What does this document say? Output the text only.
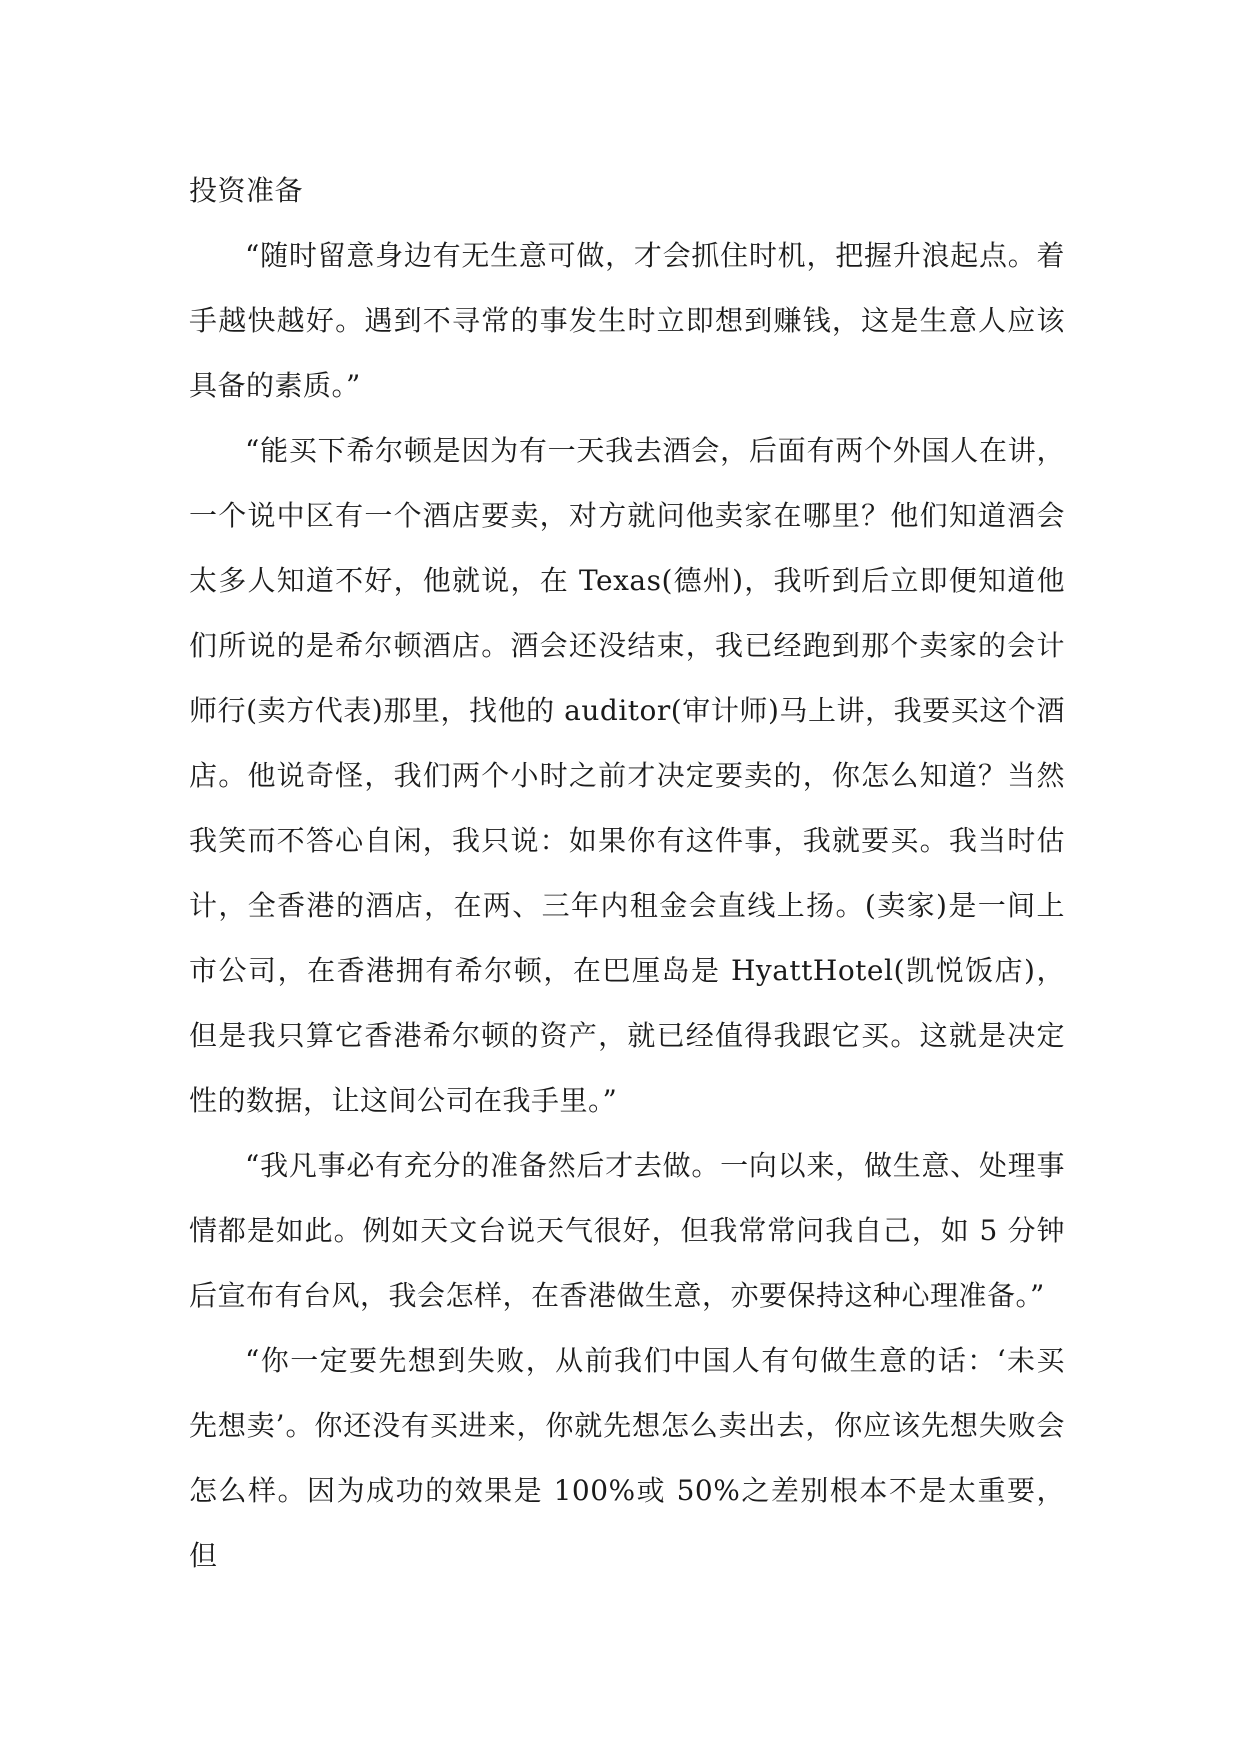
投资准备

“随时留意身边有无生意可做，才会抓住时机，把握升浪起点。着手越快越好。遇到不寻常的事发生时立即想到赚钱，这是生意人应该具备的素质。”

“能买下希尔顿是因为有一天我去酒会，后面有两个外国人在讲，一个说中区有一个酒店要卖，对方就问他卖家在哪里？他们知道酒会太多人知道不好，他就说，在 Texas(德州)，我听到后立即便知道他们所说的是希尔顿酒店。酒会还没结束，我已经跑到那个卖家的会计师行(卖方代表)那里，找他的 auditor(审计师)马上讲，我要买这个酒店。他说奇怪，我们两个小时之前才决定要卖的，你怎么知道？当然我笑而不答心自闲，我只说：如果你有这件事，我就要买。我当时估计，全香港的酒店，在两、三年内租金会直线上扬。(卖家)是一间上市公司，在香港拥有希尔顿，在巴厘岛是 HyattHotel(凯悦饭店)，但是我只算它香港希尔顿的资产，就已经值得我跟它买。这就是决定性的数据，让这间公司在我手里。”

“我凡事必有充分的准备然后才去做。一向以来，做生意、处理事情都是如此。例如天文台说天气很好，但我常常问我自己，如 5 分钟后宣布有台风，我会怎样，在香港做生意，亦要保持这种心理准备。”

“你一定要先想到失败，从前我们中国人有句做生意的话：‘未买先想卖’。你还没有买进来，你就先想怎么卖出去，你应该先想失败会怎么样。因为成功的效果是 100%或 50%之差别根本不是太重要，但
